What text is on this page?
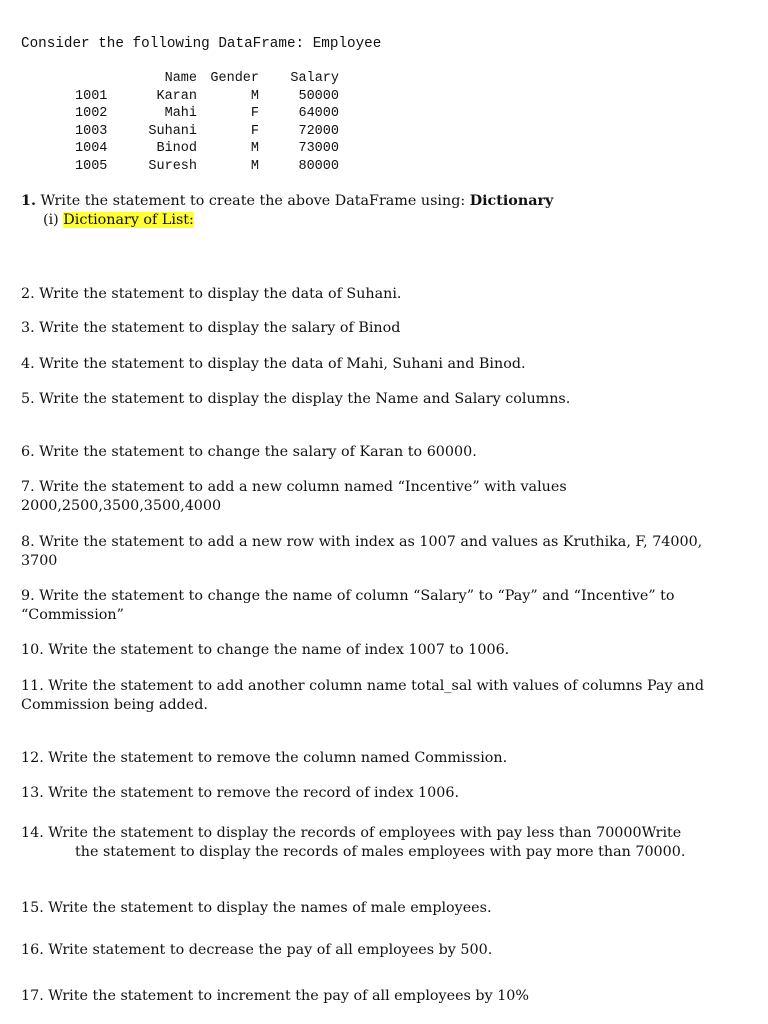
Consider the following DataFrame: Employee
	Name	Gender	Salary
1001	Karan	M	50000
1002	Mahi	F	64000
1003	Suhani	F	72000
1004	Binod	M	73000
1005	Suresh	M	80000
1. Write the statement to create the above DataFrame using: Dictionary
(i) Dictionary of List:
2. Write the statement to display the data of Suhani.
3. Write the statement to display the salary of Binod
4. Write the statement to display the data of Mahi, Suhani and Binod.
5. Write the statement to display the display the Name and Salary columns.
6. Write the statement to change the salary of Karan to 60000.
7. Write the statement to add a new column named “Incentive” with values 2000,2500,3500,3500,4000
8. Write the statement to add a new row with index as 1007 and values as Kruthika, F, 74000, 3700
9. Write the statement to change the name of column “Salary” to “Pay” and “Incentive” to “Commission”
10. Write the statement to change the name of index 1007 to 1006.
11. Write the statement to add another column name total_sal with values of columns Pay and Commission being added.
12. Write the statement to remove the column named Commission.
13. Write the statement to remove the record of index 1006.
14. Write the statement to display the records of employees with pay less than 70000Write
the statement to display the records of males employees with pay more than 70000.
15. Write the statement to display the names of male employees.
16. Write statement to decrease the pay of all employees by 500.
17. Write the statement to increment the pay of all employees by 10%
